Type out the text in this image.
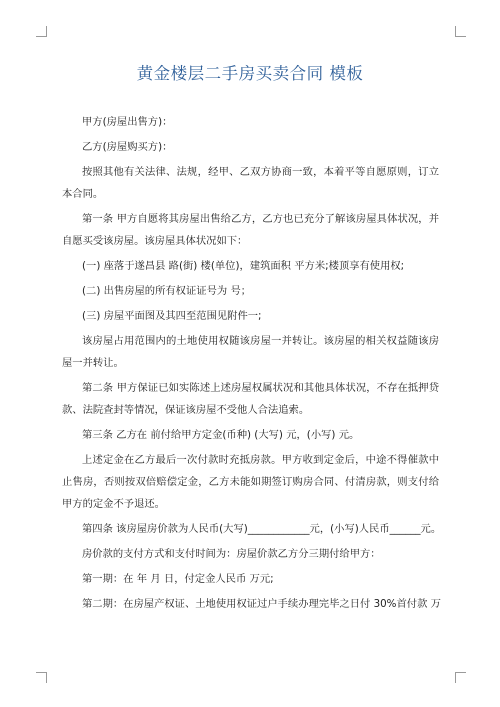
黄金楼层二手房买卖合同 模板

甲方(房屋出售方)：

乙方(房屋购买方)：

按照其他有关法律、法规，经甲、乙双方协商一致，本着平等自愿原则，订立本合同。

第一条 甲方自愿将其房屋出售给乙方，乙方也已充分了解该房屋具体状况，并自愿买受该房屋。该房屋具体状况如下：

(一) 座落于遂昌县 路(街) 楼(单位)，建筑面积 平方米;楼顶享有使用权;

(二) 出售房屋的所有权证证号为 号；

(三) 房屋平面图及其四至范围见附件一;

该房屋占用范围内的土地使用权随该房屋一并转让。该房屋的相关权益随该房屋一并转让。

第二条 甲方保证已如实陈述上述房屋权属状况和其他具体状况，不存在抵押贷款、法院查封等情况，保证该房屋不受他人合法追索。

第三条 乙方在 前付给甲方定金(币种) (大写) 元，(小写) 元。

上述定金在乙方最后一次付款时充抵房款。甲方收到定金后，中途不得催款中止售房，否则按双倍赔偿定金，乙方未能如期签订购房合同、付清房款，则支付给甲方的定金不予退还。

第四条 该房屋房价款为人民币(大写)____________元，(小写)人民币______元。

房价款的支付方式和支付时间为：房屋价款乙方分三期付给甲方：

第一期：在 年 月 日，付定金人民币 万元;

第二期：在房屋产权证、土地使用权证过户手续办理完毕之日付 30%首付款 万
